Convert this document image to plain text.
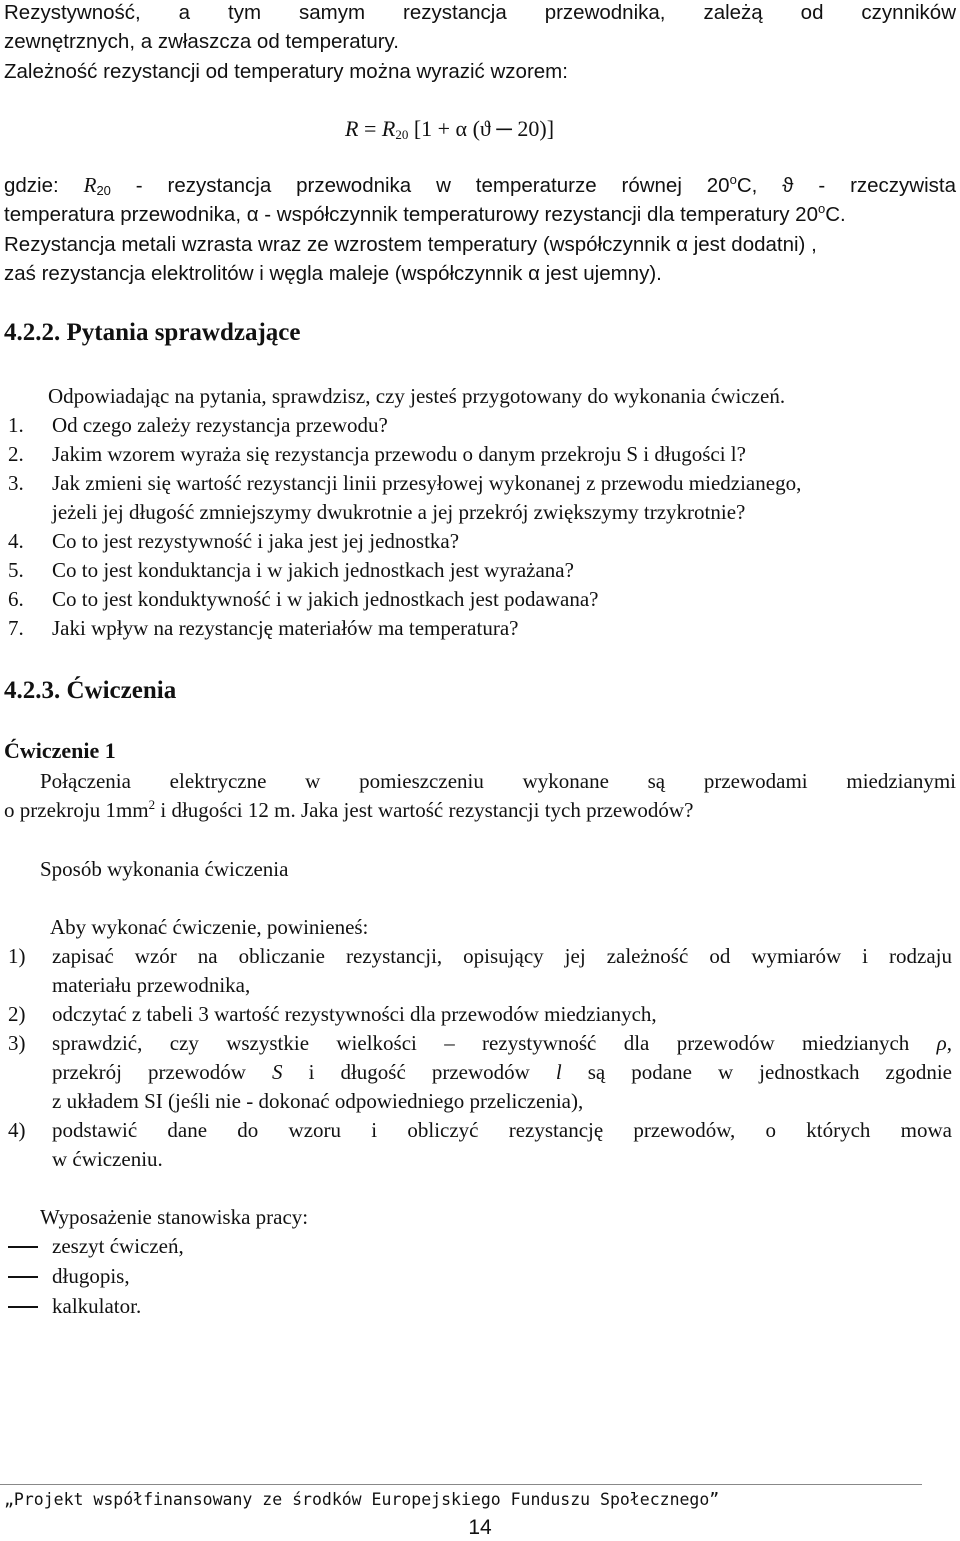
Rezystywność, a tym samym rezystancja przewodnika, zależą od czynników
zewnętrznych, a zwłaszcza od temperatury.
Zależność rezystancji od temperatury można wyrazić wzorem:
$R = R_{20}$ [1 + α (ϑ ─ 20)]
gdzie: $R_{20}$ - rezystancja przewodnika w temperaturze równej 20$^o$C, ϑ - rzeczywista
temperatura przewodnika, α - współczynnik temperaturowy rezystancji dla temperatury 20$^o$C.
Rezystancja metali wzrasta wraz ze wzrostem temperatury (współczynnik α jest dodatni) ,
zaś rezystancja elektrolitów i węgla maleje (współczynnik α jest ujemny).
4.2.2. Pytania sprawdzające
Odpowiadając na pytania, sprawdzisz, czy jesteś przygotowany do wykonania ćwiczeń.
1.	Od czego zależy rezystancja przewodu?
2.	Jakim wzorem wyraża się rezystancja przewodu o danym przekroju S i długości l?
3.	Jak zmieni się wartość rezystancji linii przesyłowej wykonanej z przewodu miedzianego,
jeżeli jej długość zmniejszymy dwukrotnie a jej przekrój zwiększymy trzykrotnie?
4.	Co to jest rezystywność i jaka jest jej jednostka?
5.	Co to jest konduktancja i w jakich jednostkach jest wyrażana?
6.	Co to jest konduktywność i w jakich jednostkach jest podawana?
7.	Jaki wpływ na rezystancję materiałów ma temperatura?
4.2.3. Ćwiczenia
Ćwiczenie 1
Połączenia elektryczne w pomieszczeniu wykonane są przewodami miedzianymi
o przekroju $1mm^2$ i długości 12 m. Jaka jest wartość rezystancji tych przewodów?
Sposób wykonania ćwiczenia
Aby wykonać ćwiczenie, powinieneś:
1)	zapisać wzór na obliczanie rezystancji, opisujący jej zależność od wymiarów i rodzaju
materiału przewodnika,
2)	odczytać z tabeli 3 wartość rezystywności dla przewodów miedzianych,
3)	sprawdzić, czy wszystkie wielkości – rezystywność dla przewodów miedzianych ρ,
przekrój przewodów S i długość przewodów l są podane w jednostkach zgodnie
z układem SI (jeśli nie - dokonać odpowiedniego przeliczenia),
4)	podstawić dane do wzoru i obliczyć rezystancję przewodów, o których mowa
w ćwiczeniu.
Wyposażenie stanowiska pracy:
zeszyt ćwiczeń,
długopis,
kalkulator.
„Projekt współfinansowany ze środków Europejskiego Funduszu Społecznego”
14
